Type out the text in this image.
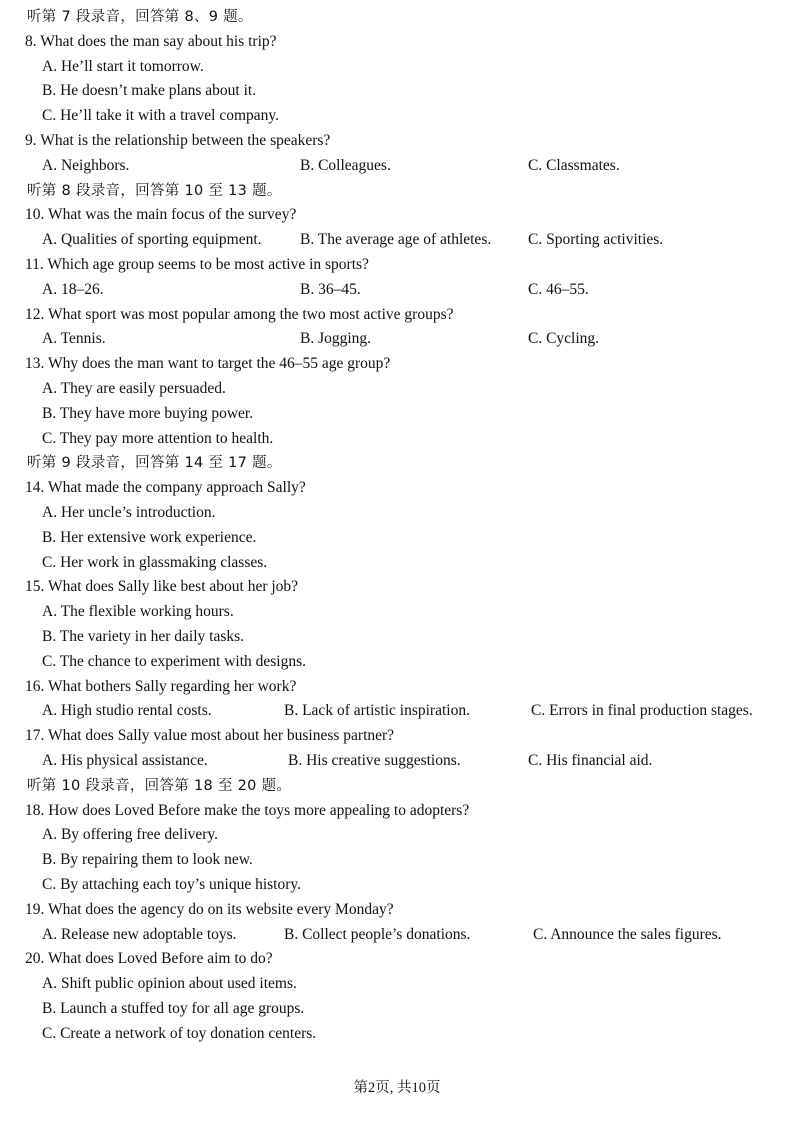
听第 7 段录音，回答第 8、9 题。
8. What does the man say about his trip?
A. He’ll start it tomorrow.
B. He doesn’t make plans about it.
C. He’ll take it with a travel company.
9. What is the relationship between the speakers?
A. Neighbors.	B. Colleagues.	C. Classmates.
听第 8 段录音，回答第 10 至 13 题。
10. What was the main focus of the survey?
A. Qualities of sporting equipment. B. The average age of athletes. C. Sporting activities.
11. Which age group seems to be most active in sports?
A. 18–26.	B. 36–45.	C. 46–55.
12. What sport was most popular among the two most active groups?
A. Tennis.	B. Jogging.	C. Cycling.
13. Why does the man want to target the 46–55 age group?
A. They are easily persuaded.
B. They have more buying power.
C. They pay more attention to health.
听第 9 段录音，回答第 14 至 17 题。
14. What made the company approach Sally?
A. Her uncle’s introduction.
B. Her extensive work experience.
C. Her work in glassmaking classes.
15. What does Sally like best about her job?
A. The flexible working hours.
B. The variety in her daily tasks.
C. The chance to experiment with designs.
16. What bothers Sally regarding her work?
A. High studio rental costs.	B. Lack of artistic inspiration.	C. Errors in final production stages.
17. What does Sally value most about her business partner?
A. His physical assistance.	B. His creative suggestions.	C. His financial aid.
听第 10 段录音，回答第 18 至 20 题。
18. How does Loved Before make the toys more appealing to adopters?
A. By offering free delivery.
B. By repairing them to look new.
C. By attaching each toy’s unique history.
19. What does the agency do on its website every Monday?
A. Release new adoptable toys.	B. Collect people’s donations.	C. Announce the sales figures.
20. What does Loved Before aim to do?
A. Shift public opinion about used items.
B. Launch a stuffed toy for all age groups.
C. Create a network of toy donation centers.
第2页, 共10页
